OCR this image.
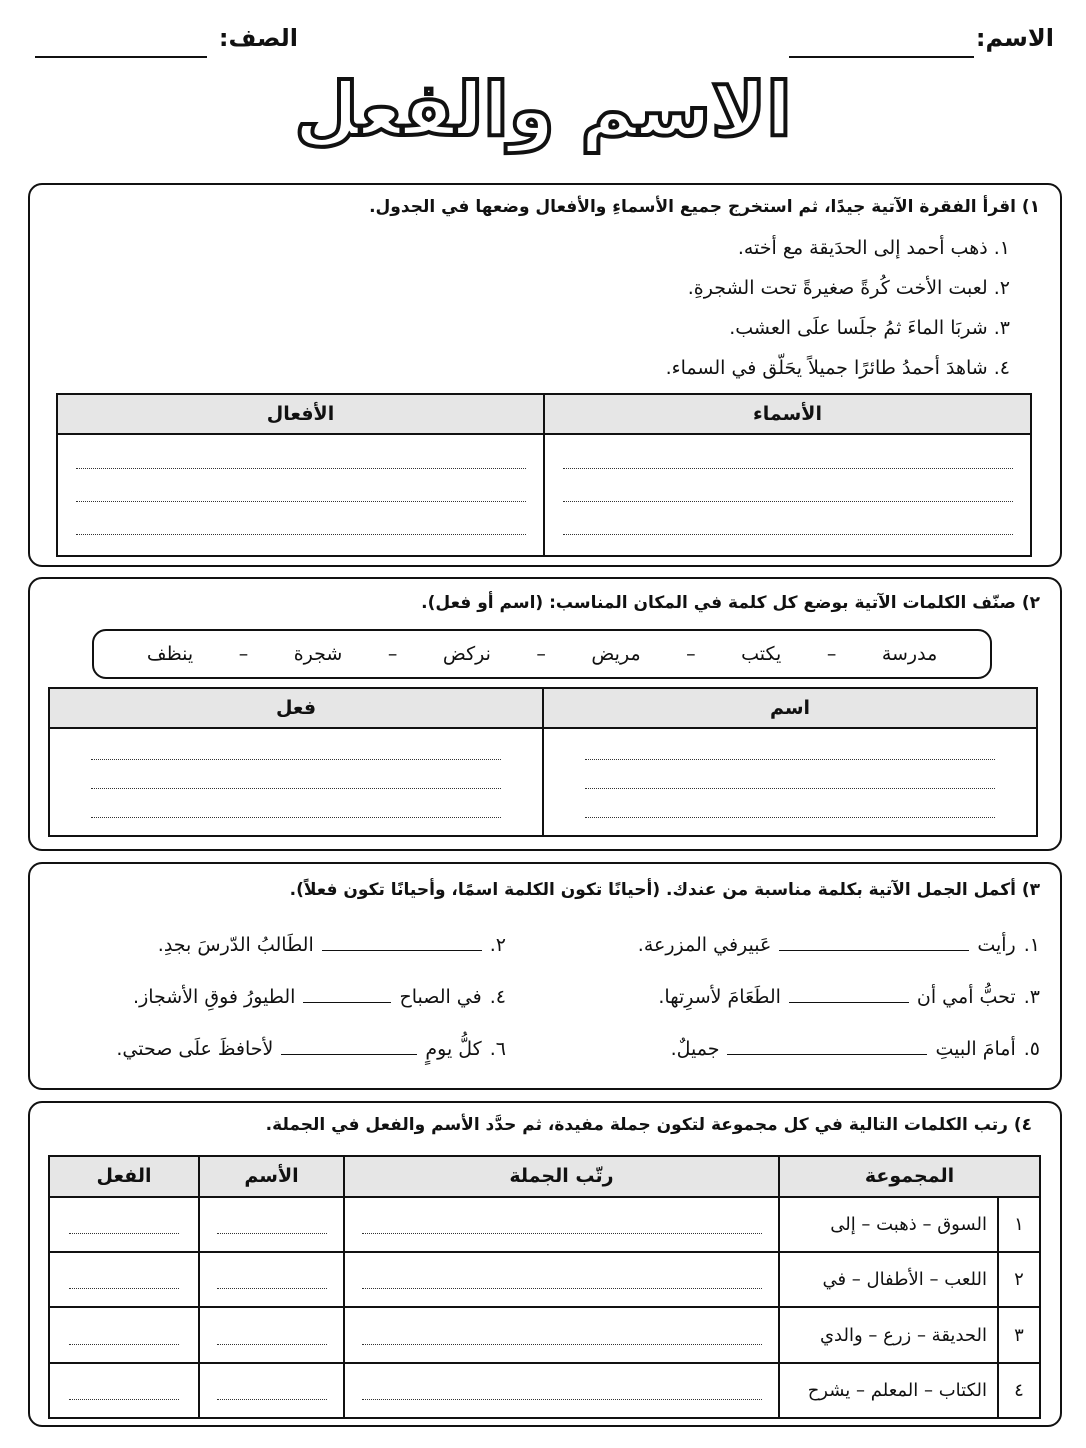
الاسم:
الصف:
الاسم والفعل
١) اقرأ الفقرة الآتية جيدًا، ثم استخرج جميع الأسماءِ والأفعال وضعها في الجدول.
١. ذهب أحمد إلى الحدَيقة مع أخته.
٢. لعبت الأخت كُرةً صغيرةً تحت الشجرةِ.
٣. شربَا الماءَ ثمُ جلَسا علَى العشب.
٤. شاهدَ أحمدُ طائرًا جميلاً يحَلّق في السماء.
الأسماء	الأفعال

٢) صنّف الكلمات الآتية بوضع كل كلمة في المكان المناسب: (اسم أو فعل).
مدرسة
–
يكتب
–
مريض
–
نركض
–
شجرة
–
ينظف
اسم	فعل

٣) أكمل الجمل الآتية بكلمة مناسبة من عندك. (أحيانًا تكون الكلمة اسمًا، وأحيانًا تكون فعلاً).
١.
رأيت
عَبيرفي المزرعة.
٣.
تحبُّ أمي أن
الطَعَامَ لأسرِتها.
٥.
أمامَ البيتِ
جميلٌ.
٢.
الطَالبُ الدّرسَ بجدِ.
٤.
في الصباح
الطيورُ فوقِ الأشجاز.
٦.
كلُّ يومٍ
لأحافظَ علَى صحتي.
٤) رتب الكلمات التالية في كل مجموعة لتكون جملة مفيدة، ثم حدَّد الأسم والفعل في الجملة.
المجموعة		رتّب الجملة	الأسم	الفعل
١	السوق – ذهبت – إلى	

٢	اللعب – الأطفال – في	

٣	الحديقة – زرع – والدي	

٤	الكتاب – المعلم – يشرح	
